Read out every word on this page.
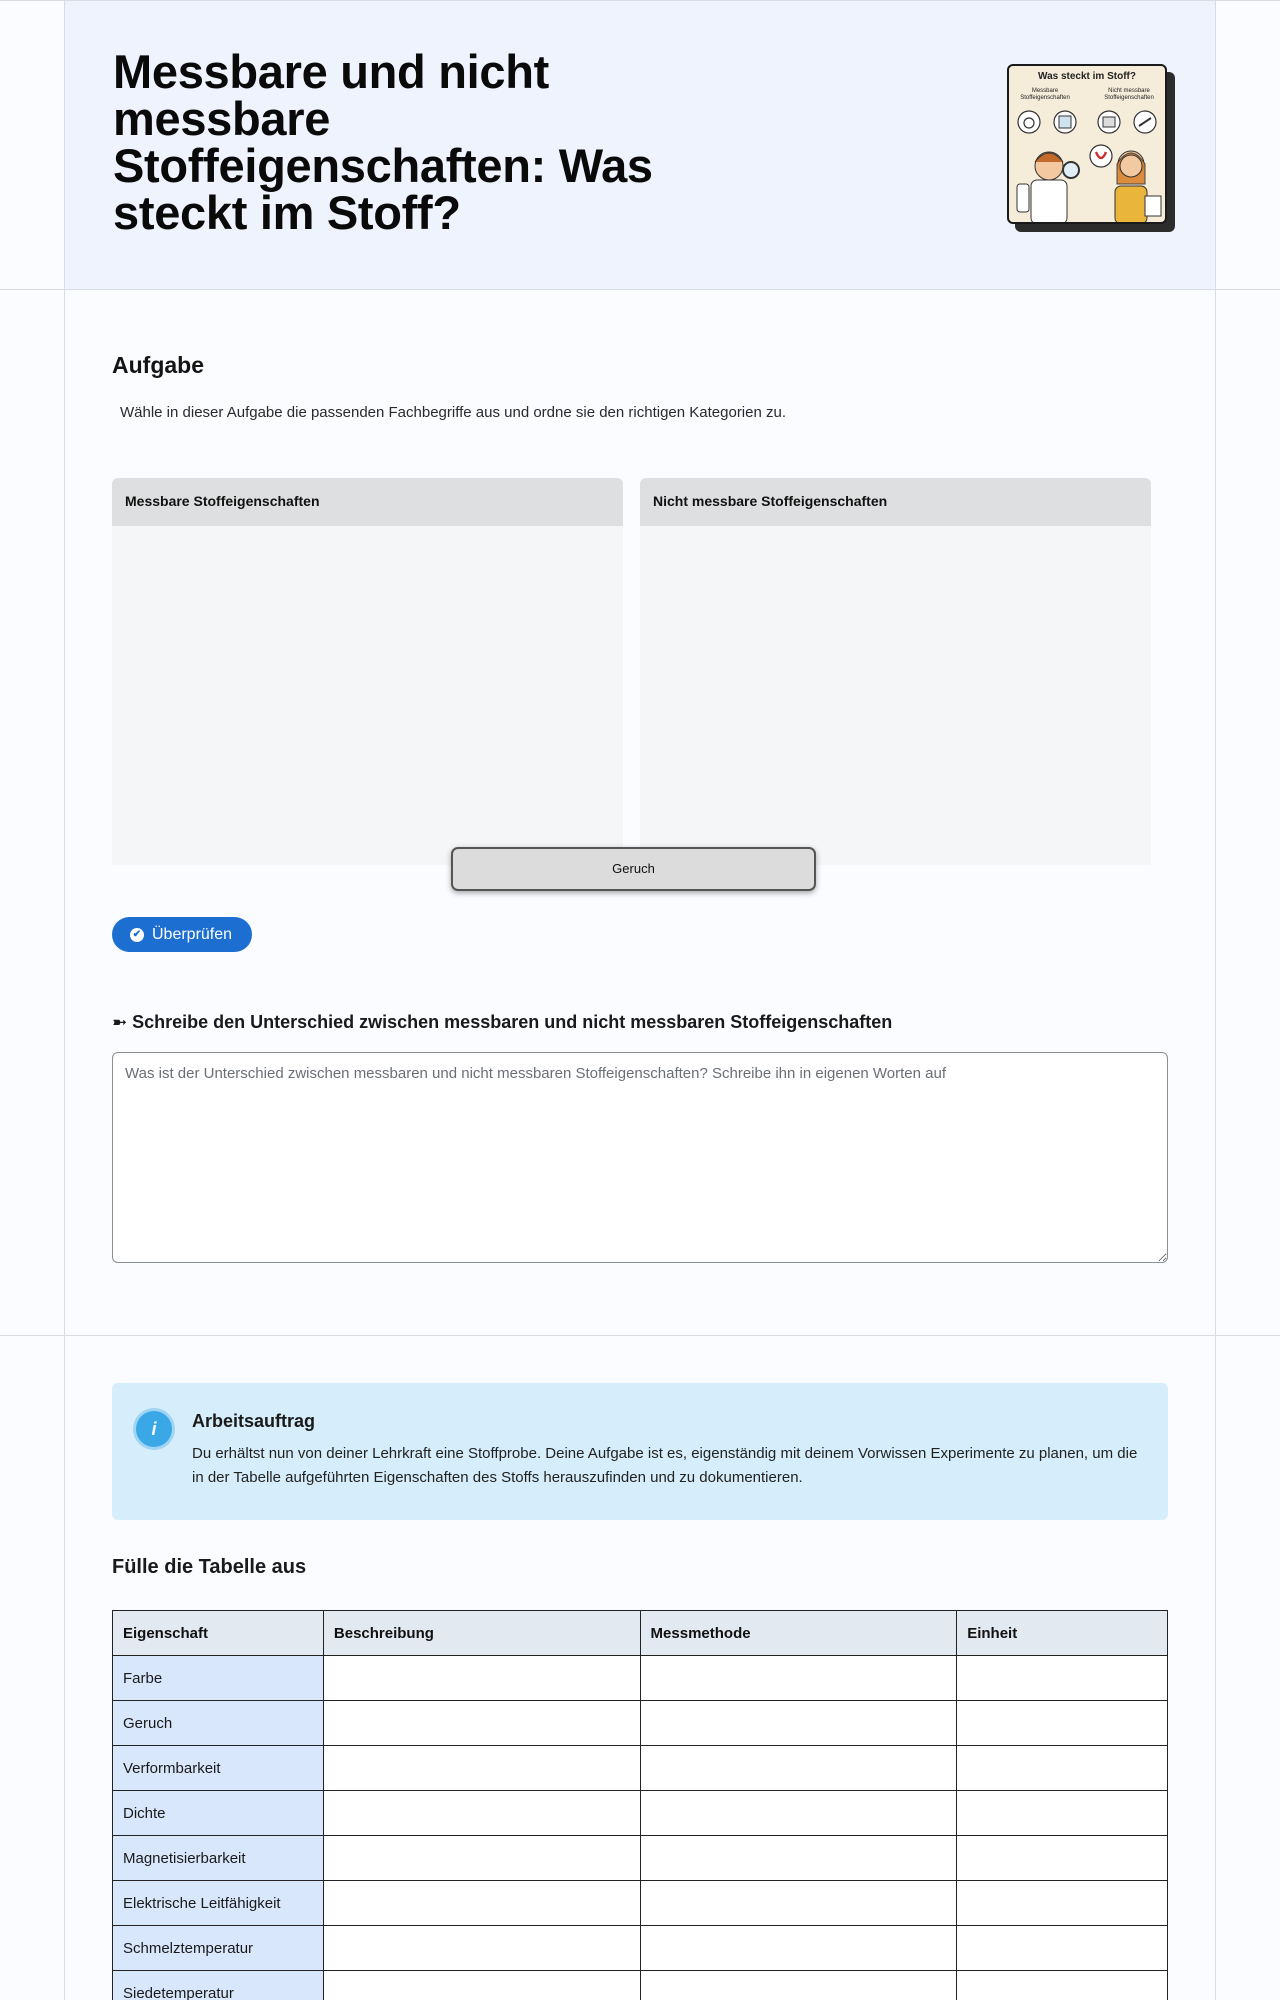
Messbare und nicht messbare Stoffeigenschaften: Was steckt im Stoff?
Was steckt im Stoff?
Messbare Stoffeigenschaften
Nicht messbare Stoffeigenschaften
Aufgabe

Wähle in dieser Aufgabe die passenden Fachbegriffe aus und ordne sie den richtigen Kategorien zu.

Messbare Stoffeigenschaften	Nicht messbare Stoffeigenschaften
Geruch
✔ Überprüfen
➼ Schreibe den Unterschied zwischen messbaren und nicht messbaren Stoffeigenschaften
Was ist der Unterschied zwischen messbaren und nicht messbaren Stoffeigenschaften? Schreibe ihn in eigenen Worten auf
i	Arbeitsauftrag
Du erhältst nun von deiner Lehrkraft eine Stoffprobe. Deine Aufgabe ist es, eigenständig mit deinem Vorwissen Experimente zu planen, um die in der Tabelle aufgeführten Eigenschaften des Stoffs herauszufinden und zu dokumentieren.
Fülle die Tabelle aus
Eigenschaft	Beschreibung	Messmethode	Einheit
Farbe			
Geruch			
Verformbarkeit			
Dichte			
Magnetisierbarkeit			
Elektrische Leitfähigkeit			
Schmelztemperatur			
Siedetemperatur			
